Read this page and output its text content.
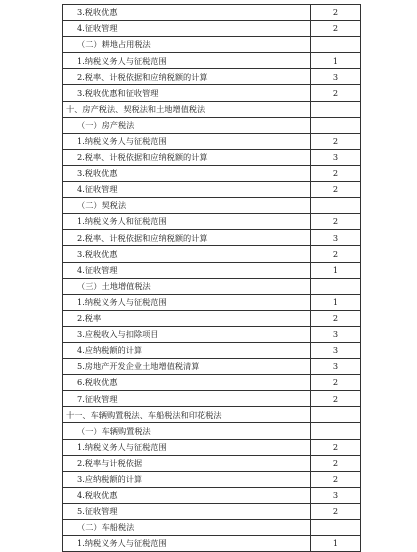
3.税收优惠	2
4.征收管理	2
（二）耕地占用税法	
1.纳税义务人与征税范围	1
2.税率、计税依据和应纳税额的计算	3
3.税收优惠和征收管理	2
十、房产税法、契税法和土地增值税法	
（一）房产税法	
1.纳税义务人与征税范围	2
2.税率、计税依据和应纳税额的计算	3
3.税收优惠	2
4.征收管理	2
（二）契税法	
1.纳税义务人和征税范围	2
2.税率、计税依据和应纳税额的计算	3
3.税收优惠	2
4.征收管理	1
（三）土地增值税法	
1.纳税义务人与征税范围	1
2.税率	2
3.应税收入与扣除项目	3
4.应纳税额的计算	3
5.房地产开发企业土地增值税清算	3
6.税收优惠	2
7.征收管理	2
十一、车辆购置税法、车船税法和印花税法	
（一）车辆购置税法	
1.纳税义务人与征税范围	2
2.税率与计税依据	2
3.应纳税额的计算	2
4.税收优惠	3
5.征收管理	2
（二）车船税法	
1.纳税义务人与征税范围	1
